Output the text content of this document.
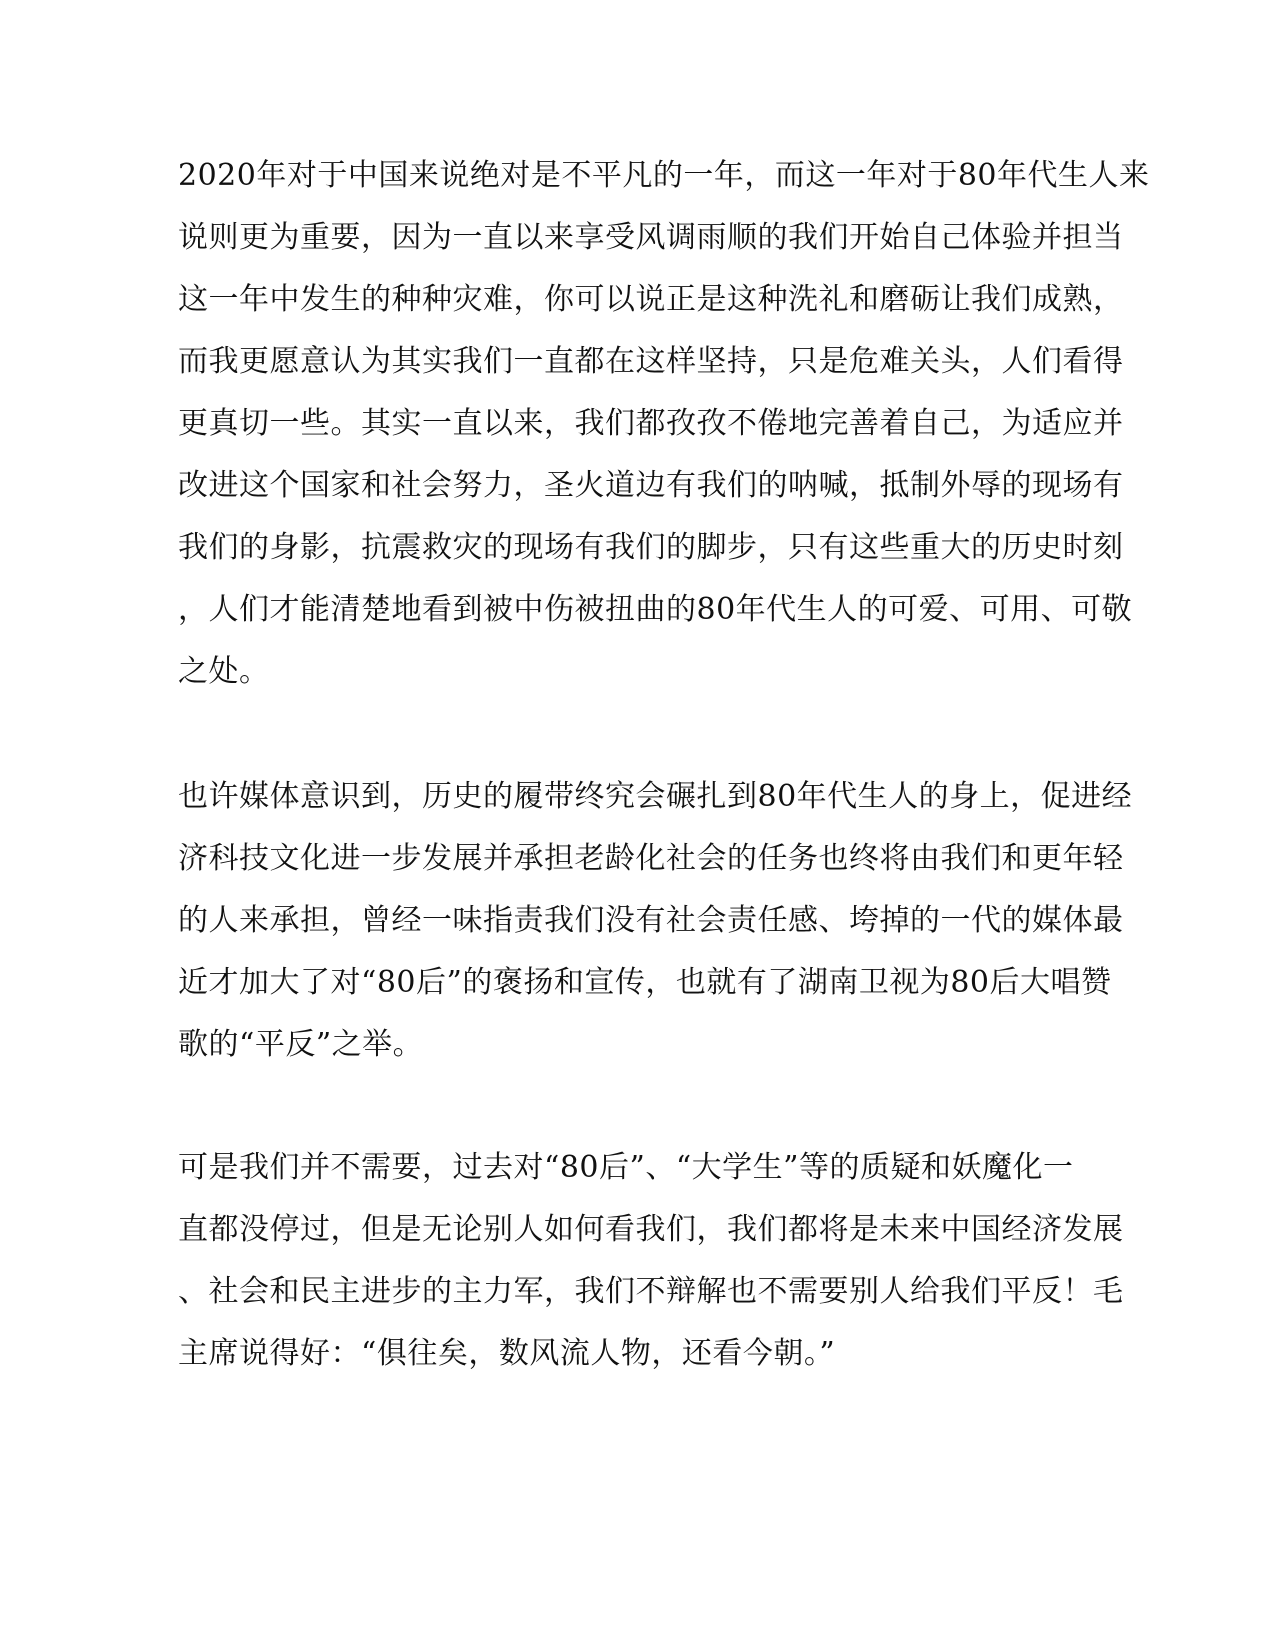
2020年对于中国来说绝对是不平凡的一年，而这一年对于80年代生人来
说则更为重要，因为一直以来享受风调雨顺的我们开始自己体验并担当
这一年中发生的种种灾难，你可以说正是这种洗礼和磨砺让我们成熟，
而我更愿意认为其实我们一直都在这样坚持，只是危难关头，人们看得
更真切一些。其实一直以来，我们都孜孜不倦地完善着自己，为适应并
改进这个国家和社会努力，圣火道边有我们的呐喊，抵制外辱的现场有
我们的身影，抗震救灾的现场有我们的脚步，只有这些重大的历史时刻
，人们才能清楚地看到被中伤被扭曲的80年代生人的可爱、可用、可敬
之处。
也许媒体意识到，历史的履带终究会碾扎到80年代生人的身上，促进经
济科技文化进一步发展并承担老龄化社会的任务也终将由我们和更年轻
的人来承担，曾经一味指责我们没有社会责任感、垮掉的一代的媒体最
近才加大了对“80后”的褒扬和宣传，也就有了湖南卫视为80后大唱赞
歌的“平反”之举。
可是我们并不需要，过去对“80后”、“大学生”等的质疑和妖魔化一
直都没停过，但是无论别人如何看我们，我们都将是未来中国经济发展
、社会和民主进步的主力军，我们不辩解也不需要别人给我们平反！毛
主席说得好：“俱往矣，数风流人物，还看今朝。”
